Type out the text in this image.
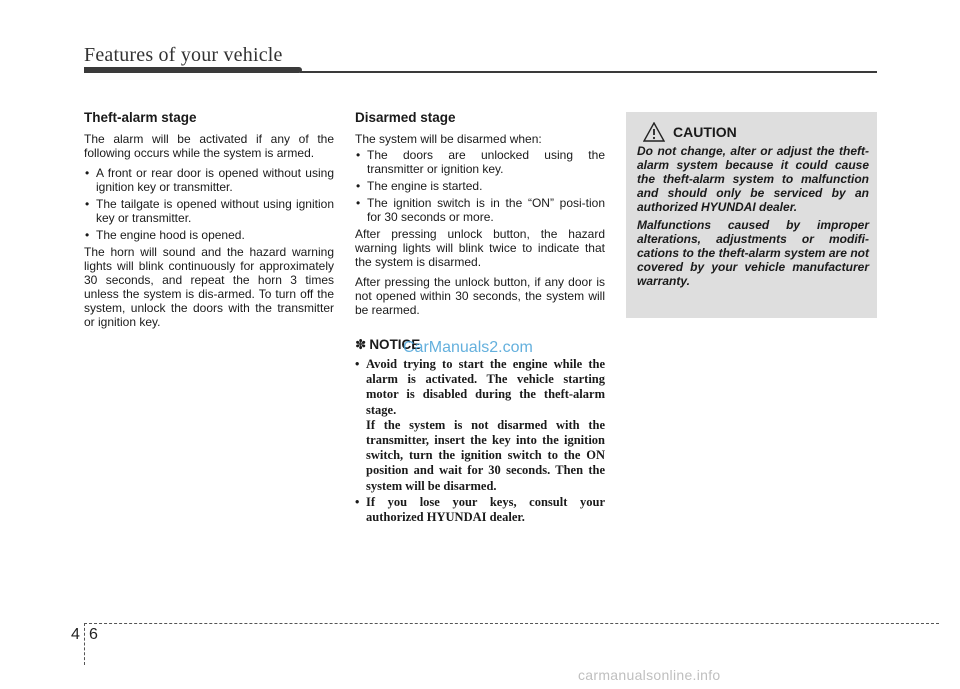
Features of your vehicle
Theft-alarm stage

The alarm will be activated if any of the following occurs while the system is armed.

• A front or rear door is opened without using ignition key or transmitter.
• The tailgate is opened without using ignition key or transmitter.
• The engine hood is opened.

The horn will sound and the hazard warning lights will blink continuously for approximately 30 seconds, and repeat the horn 3 times unless the system is dis-armed. To turn off the system, unlock the doors with the transmitter or ignition key.

Disarmed stage

The system will be disarmed when:

• The doors are unlocked using the transmitter or ignition key.
• The engine is started.
• The ignition switch is in the “ON” posi-tion for 30 seconds or more.

After pressing unlock button, the hazard warning lights will blink twice to indicate that the system is disarmed.

After pressing the unlock button, if any door is not opened within 30 seconds, the system will be rearmed.

✽ NOTICE
CarManuals2.com
• Avoid trying to start the engine while the alarm is activated. The vehicle starting motor is disabled during the theft-alarm stage.
If the system is not disarmed with the transmitter, insert the key into the ignition switch, turn the ignition switch to the ON position and wait for 30 seconds. Then the system will be disarmed.
• If you lose your keys, consult your authorized HYUNDAI dealer.
CAUTION

Do not change, alter or adjust the theft-alarm system because it could cause the theft-alarm system to malfunction and should only be serviced by an authorized HYUNDAI dealer.

Malfunctions caused by improper alterations, adjustments or modifi-cations to the theft-alarm system are not covered by your vehicle manufacturer warranty.

4 6
carmanualsonline.info
